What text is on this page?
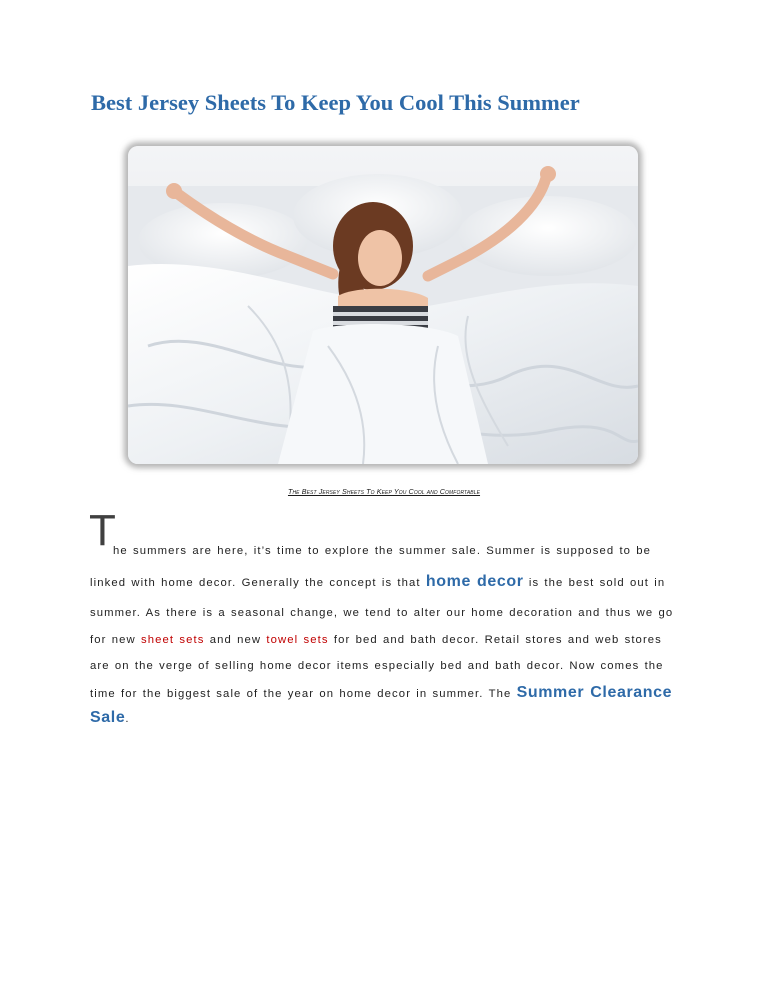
Best Jersey Sheets To Keep You Cool This Summer
The Best Jersey Sheets To Keep You Cool and Comfortable
T
he summers are here, it’s time to explore the summer sale. Summer is supposed to be
linked with home decor. Generally the concept is that home decor is the best sold out in
summer. As there is a seasonal change, we tend to alter our home decoration and thus we go
for new sheet sets and new towel sets for bed and bath decor. Retail stores and web stores
are on the verge of selling home decor items especially bed and bath decor. Now comes the
time for the biggest sale of the year on home decor in summer. The Summer Clearance
Sale.
